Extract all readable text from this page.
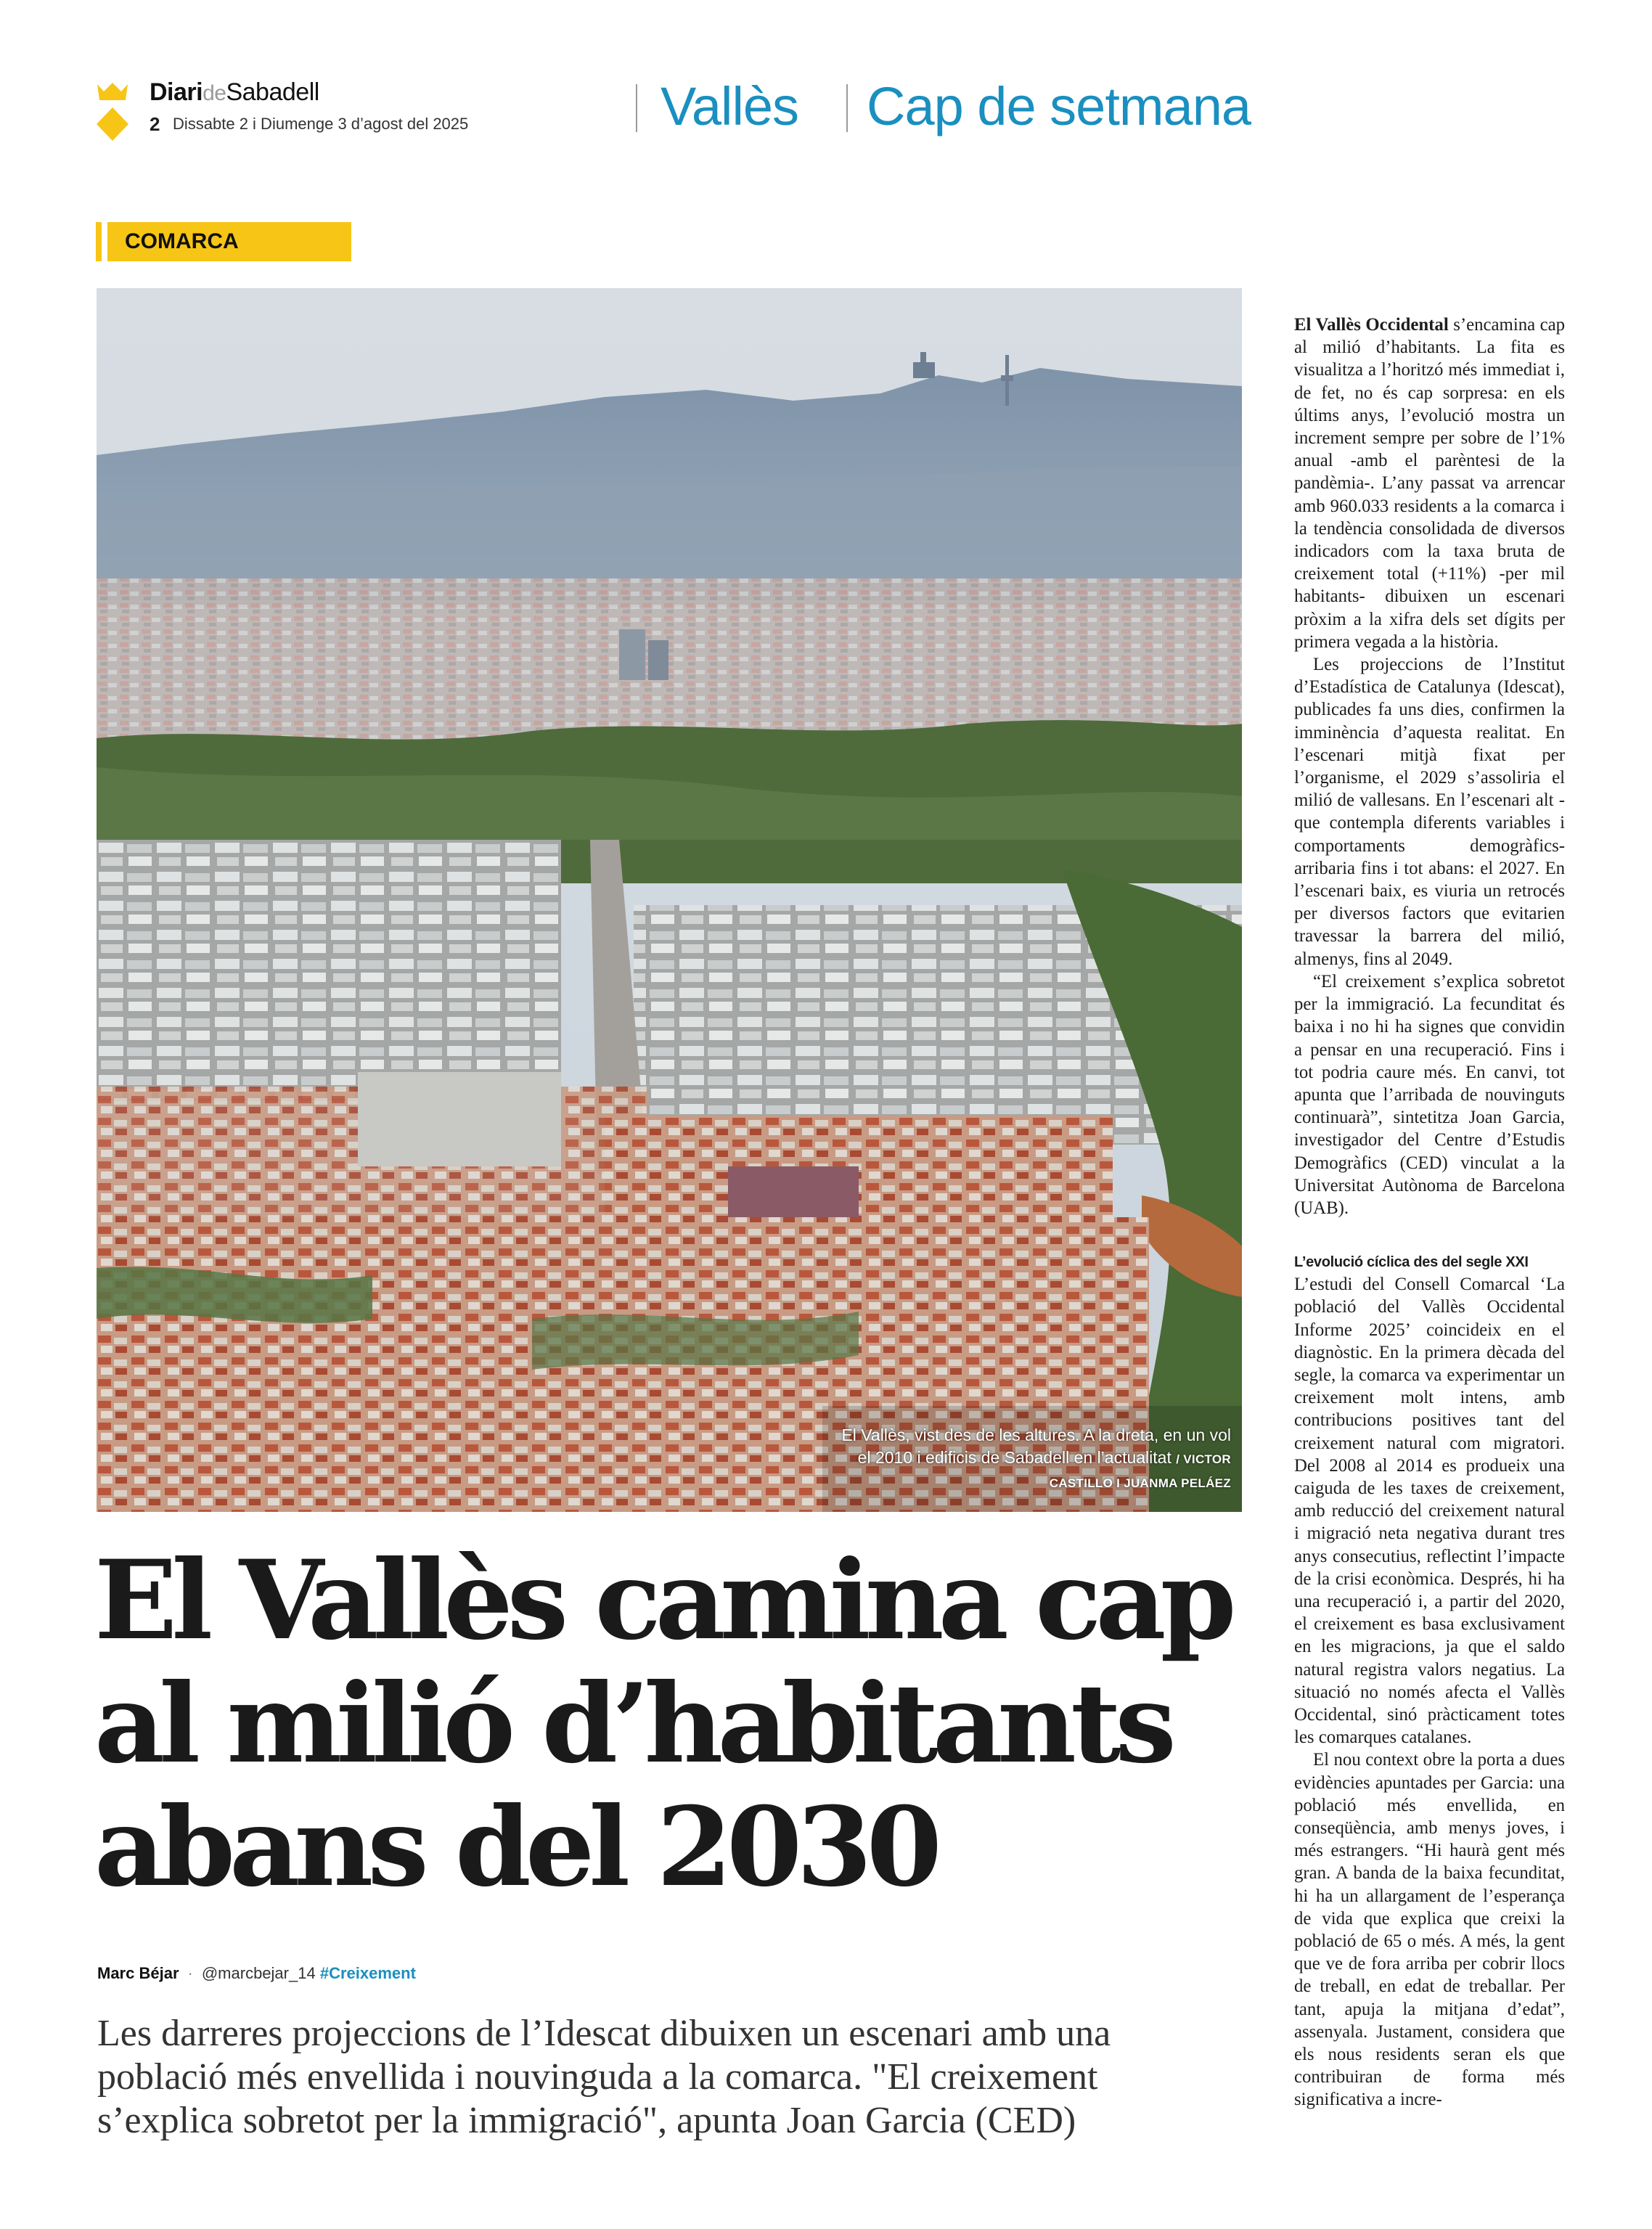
DiarideSabadell
2 Dissabte 2 i Diumenge 3 d’agost del 2025	Vallès Cap de setmana
COMARCA
El Vallès, vist des de les altures. A la dreta, en un vol el 2010 i edificis de Sabadell en l’actualitat / VICTOR CASTILLO I JUANMA PELÁEZ
El Vallès camina cap
al milió d’habitants
abans del 2030
Marc Béjar · @marcbejar_14 #Creixement
Les darreres projeccions de l’Idescat dibuixen un escenari amb una població més envellida i nouvinguda a la comarca. "El creixement s’explica sobretot per la immigració", apunta Joan Garcia (CED)

El Vallès Occidental s’encamina cap al milió d’habitants. La fita es visualitza a l’horitzó més immediat i, de fet, no és cap sorpresa: en els últims anys, l’evolució mostra un increment sempre per sobre de l’1% anual -amb el parèntesi de la pandèmia-. L’any passat va arrencar amb 960.033 residents a la comarca i la tendència consolidada de diversos indicadors com la taxa bruta de creixement total (+11%) -per mil habitants- dibuixen un escenari pròxim a la xifra dels set dígits per primera vegada a la història.

Les projeccions de l’Institut d’Estadística de Catalunya (Idescat), publicades fa uns dies, confirmen la imminència d’aquesta realitat. En l’escenari mitjà fixat per l’organisme, el 2029 s’assoliria el milió de vallesans. En l’escenari alt -que contempla diferents variables i comportaments demogràfics- arribaria fins i tot abans: el 2027. En l’escenari baix, es viuria un retrocés per diversos factors que evitarien travessar la barrera del milió, almenys, fins al 2049.

“El creixement s’explica sobretot per la immigració. La fecunditat és baixa i no hi ha signes que convidin a pensar en una recuperació. Fins i tot podria caure més. En canvi, tot apunta que l’arribada de nouvinguts continuarà”, sintetitza Joan Garcia, investigador del Centre d’Estudis Demogràfics (CED) vinculat a la Universitat Autònoma de Barcelona (UAB).

L’evolució cíclica des del segle XXI

L’estudi del Consell Comarcal ‘La població del Vallès Occidental Informe 2025’ coincideix en el diagnòstic. En la primera dècada del segle, la comarca va experimentar un creixement molt intens, amb contribucions positives tant del creixement natural com migratori. Del 2008 al 2014 es produeix una caiguda de les taxes de creixement, amb reducció del creixement natural i migració neta negativa durant tres anys consecutius, reflectint l’impacte de la crisi econòmica. Després, hi ha una recuperació i, a partir del 2020, el creixement es basa exclusivament en les migracions, ja que el saldo natural registra valors negatius. La situació no només afecta el Vallès Occidental, sinó pràcticament totes les comarques catalanes.

El nou context obre la porta a dues evidències apuntades per Garcia: una població més envellida, en conseqüència, amb menys joves, i més estrangers. “Hi haurà gent més gran. A banda de la baixa fecunditat, hi ha un allargament de l’esperança de vida que explica que creixi la població de 65 o més. A més, la gent que ve de fora arriba per cobrir llocs de treball, en edat de treballar. Per tant, apuja la mitjana d’edat”, assenyala. Justament, considera que els nous residents seran els que contribuiran de forma més significativa a incre-
